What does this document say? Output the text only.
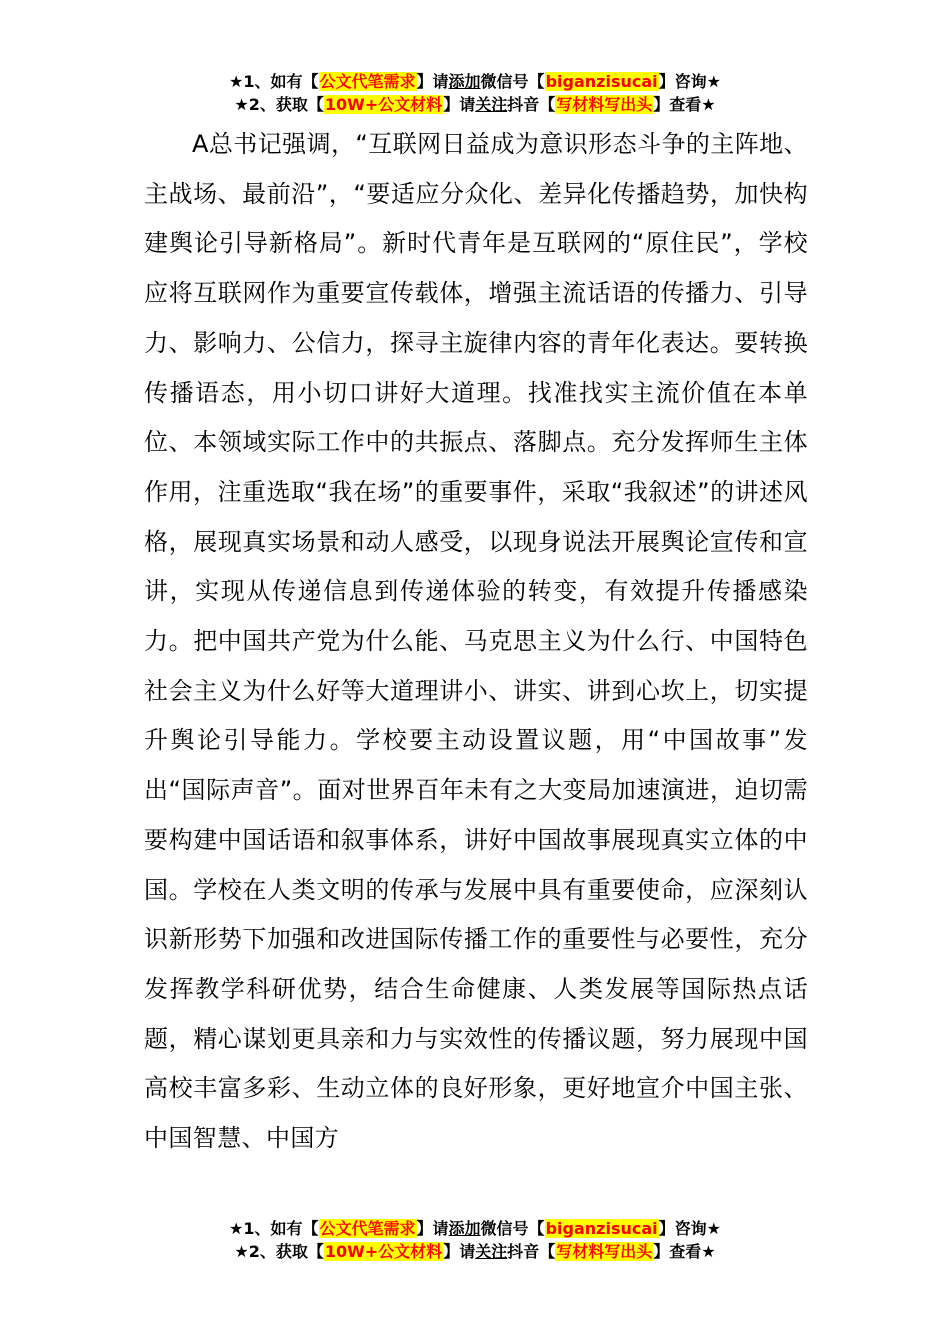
★1、如有【公文代笔需求】请添加微信号【biganzisucai】咨询★
★2、获取【10W+公文材料】请关注抖音【写材料写出头】查看★
A总书记强调，“互联网日益成为意识形态斗争的主阵地、主战场、最前沿”，“要适应分众化、差异化传播趋势，加快构建舆论引导新格局”。新时代青年是互联网的“原住民”，学校应将互联网作为重要宣传载体，增强主流话语的传播力、引导力、影响力、公信力，探寻主旋律内容的青年化表达。要转换传播语态，用小切口讲好大道理。找准找实主流价值在本单位、本领域实际工作中的共振点、落脚点。充分发挥师生主体作用，注重选取“我在场”的重要事件，采取“我叙述”的讲述风格，展现真实场景和动人感受，以现身说法开展舆论宣传和宣讲，实现从传递信息到传递体验的转变，有效提升传播感染力。把中国共产党为什么能、马克思主义为什么行、中国特色社会主义为什么好等大道理讲小、讲实、讲到心坎上，切实提升舆论引导能力。学校要主动设置议题，用“中国故事”发出“国际声音”。面对世界百年未有之大变局加速演进，迫切需要构建中国话语和叙事体系，讲好中国故事展现真实立体的中国。学校在人类文明的传承与发展中具有重要使命，应深刻认识新形势下加强和改进国际传播工作的重要性与必要性，充分发挥教学科研优势，结合生命健康、人类发展等国际热点话题，精心谋划更具亲和力与实效性的传播议题，努力展现中国高校丰富多彩、生动立体的良好形象，更好地宣介中国主张、中国智慧、中国方
★1、如有【公文代笔需求】请添加微信号【biganzisucai】咨询★
★2、获取【10W+公文材料】请关注抖音【写材料写出头】查看★
